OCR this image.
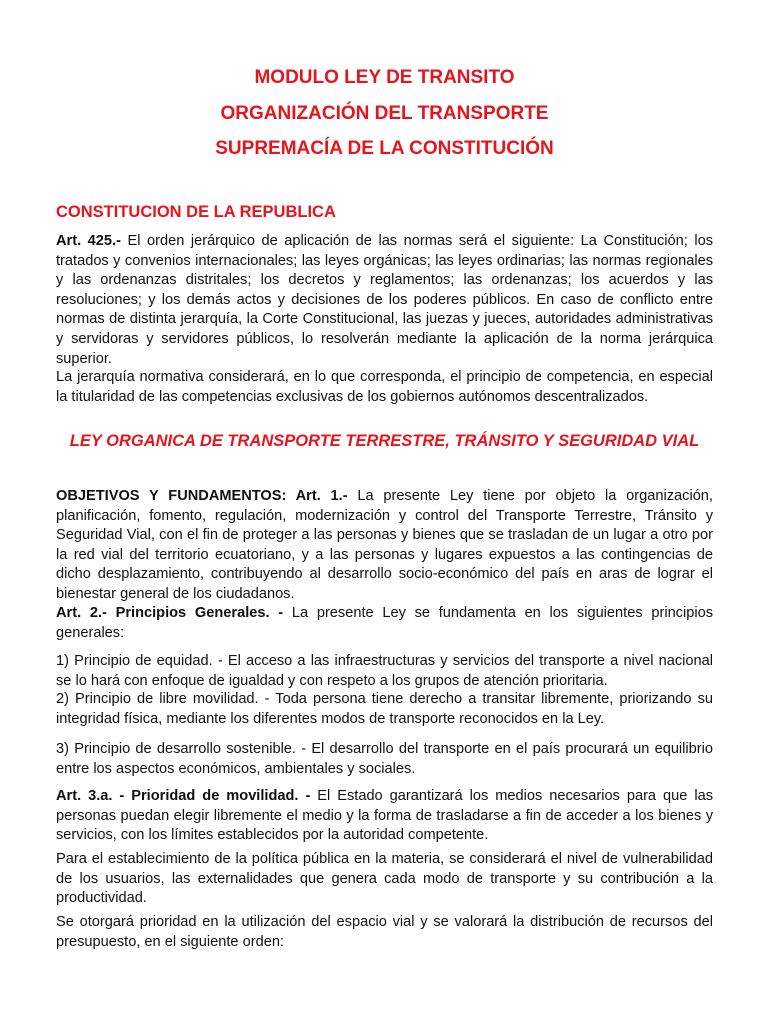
MODULO LEY DE TRANSITO
ORGANIZACIÓN DEL TRANSPORTE
SUPREMACÍA DE LA CONSTITUCIÓN
CONSTITUCION DE LA REPUBLICA

Art. 425.- El orden jerárquico de aplicación de las normas será el siguiente: La Constitución; los tratados y convenios internacionales; las leyes orgánicas; las leyes ordinarias; las normas regionales y las ordenanzas distritales; los decretos y reglamentos; las ordenanzas; los acuerdos y las resoluciones; y los demás actos y decisiones de los poderes públicos. En caso de conflicto entre normas de distinta jerarquía, la Corte Constitucional, las juezas y jueces, autoridades administrativas y servidoras y servidores públicos, lo resolverán mediante la aplicación de la norma jerárquica superior.

La jerarquía normativa considerará, en lo que corresponda, el principio de competencia, en especial la titularidad de las competencias exclusivas de los gobiernos autónomos descentralizados.

LEY ORGANICA DE TRANSPORTE TERRESTRE, TRÁNSITO Y SEGURIDAD VIAL

OBJETIVOS Y FUNDAMENTOS: Art. 1.- La presente Ley tiene por objeto la organización, planificación, fomento, regulación, modernización y control del Transporte Terrestre, Tránsito y Seguridad Vial, con el fin de proteger a las personas y bienes que se trasladan de un lugar a otro por la red vial del territorio ecuatoriano, y a las personas y lugares expuestos a las contingencias de dicho desplazamiento, contribuyendo al desarrollo socio-económico del país en aras de lograr el bienestar general de los ciudadanos.

Art. 2.- Principios Generales. - La presente Ley se fundamenta en los siguientes principios generales:

1) Principio de equidad. - El acceso a las infraestructuras y servicios del transporte a nivel nacional se lo hará con enfoque de igualdad y con respeto a los grupos de atención prioritaria.

2) Principio de libre movilidad. - Toda persona tiene derecho a transitar libremente, priorizando su integridad física, mediante los diferentes modos de transporte reconocidos en la Ley.

3) Principio de desarrollo sostenible. - El desarrollo del transporte en el país procurará un equilibrio entre los aspectos económicos, ambientales y sociales.

Art. 3.a. - Prioridad de movilidad. - El Estado garantizará los medios necesarios para que las personas puedan elegir libremente el medio y la forma de trasladarse a fin de acceder a los bienes y servicios, con los límites establecidos por la autoridad competente.

Para el establecimiento de la política pública en la materia, se considerará el nivel de vulnerabilidad de los usuarios, las externalidades que genera cada modo de transporte y su contribución a la productividad.

Se otorgará prioridad en la utilización del espacio vial y se valorará la distribución de recursos del presupuesto, en el siguiente orden:
